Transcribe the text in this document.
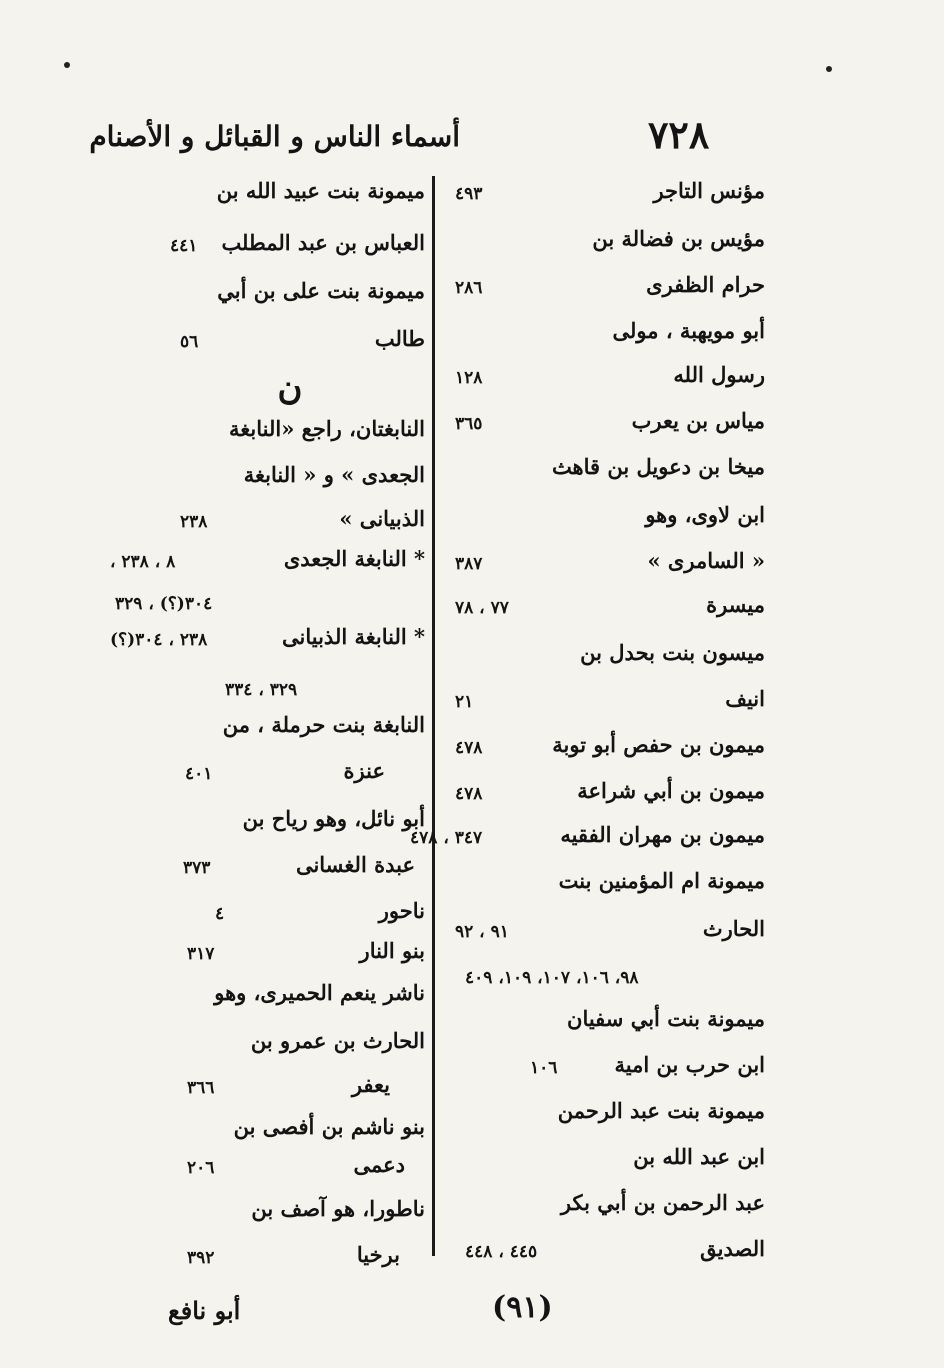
٧٢٨
أسماء الناس و القبائل و الأصنام
مؤنس التاجر
٤٩٣
مؤيس بن فضالة بن
حرام الظفرى
٢٨٦
أبو مويهبة ، مولى
رسول الله
١٢٨
مياس بن يعرب
٣٦٥
ميخا بن دعويل بن قاهث
ابن لاوى، وهو
« السامرى »
٣٨٧
ميسرة
٧٧ ، ٧٨
ميسون بنت بحدل بن
انيف
٢١
ميمون بن حفص أبو توبة
٤٧٨
ميمون بن أبي شراعة
٤٧٨
ميمون بن مهران الفقيه
٣٤٧ ، ٤٧٨
ميمونة ام المؤمنين بنت
الحارث
٩١ ، ٩٢
٩٨، ١٠٦، ١٠٧، ١٠٩، ٤٠٩
ميمونة بنت أبي سفيان
ابن حرب بن امية
١٠٦
ميمونة بنت عبد الرحمن
ابن عبد الله بن
عبد الرحمن بن أبي بكر
الصديق
٤٤٥ ، ٤٤٨
ميمونة بنت عبيد الله بن
العباس بن عبد المطلب
٤٤١
ميمونة بنت على بن أبي
طالب
٥٦
النابغتان، راجع «النابغة
الجعدى » و « النابغة
الذبيانى »
٢٣٨
* النابغة الجعدى
٨ ، ٢٣٨ ،
٣٠٤(؟) ، ٣٢٩
* النابغة الذبيانى
٢٣٨ ، ٣٠٤(؟)
٣٢٩ ، ٣٣٤
النابغة بنت حرملة ، من
عنزة
٤٠١
أبو نائل، وهو رياح بن
عبدة الغسانى
٣٧٣
ناحور
٤
بنو النار
٣١٧
ناشر ينعم الحميرى، وهو
الحارث بن عمرو بن
يعفر
٣٦٦
بنو ناشم بن أفصى بن
دعمى
٢٠٦
ناطورا، هو آصف بن
برخيا
٣٩٢
ن
(٩١)
أبو نافع
